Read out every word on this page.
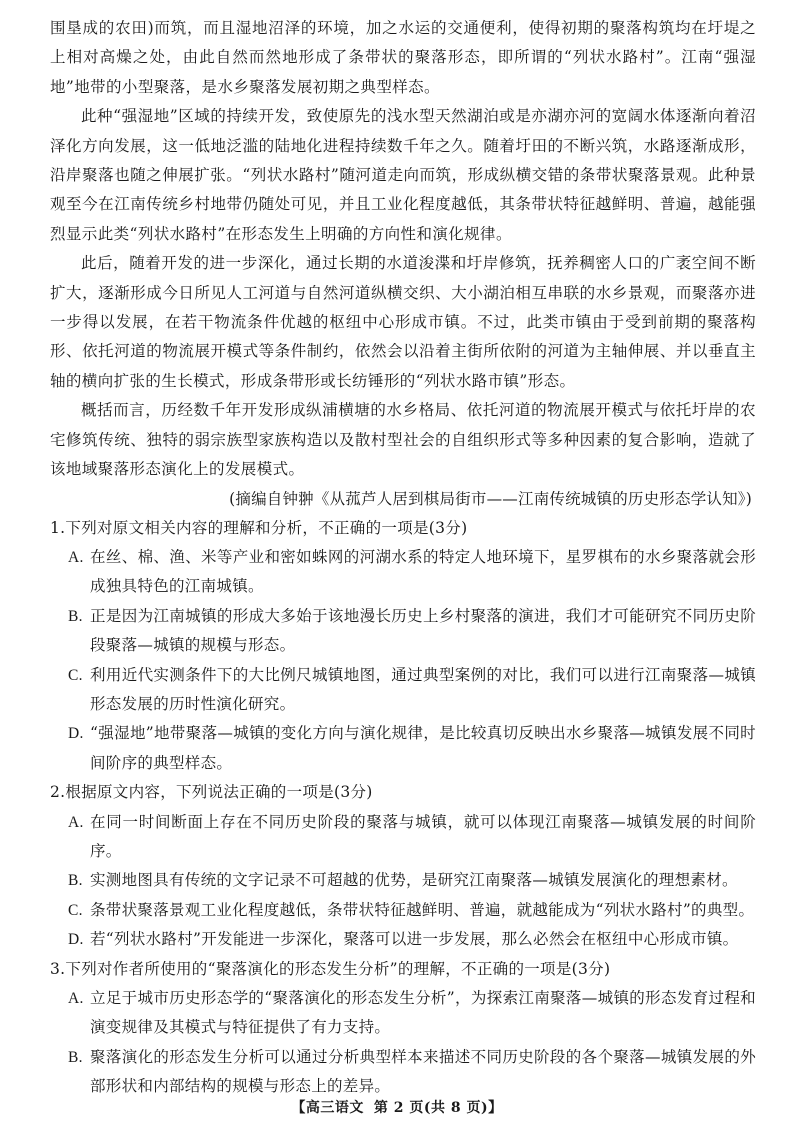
围垦成的农田)而筑，而且湿地沼泽的环境，加之水运的交通便利，使得初期的聚落构筑均在圩堤之上相对高燥之处，由此自然而然地形成了条带状的聚落形态，即所谓的“列状水路村”。江南“强湿地”地带的小型聚落，是水乡聚落发展初期之典型样态。

此种“强湿地”区域的持续开发，致使原先的浅水型天然湖泊或是亦湖亦河的宽阔水体逐渐向着沼泽化方向发展，这一低地泛滥的陆地化进程持续数千年之久。随着圩田的不断兴筑，水路逐渐成形，沿岸聚落也随之伸展扩张。“列状水路村”随河道走向而筑，形成纵横交错的条带状聚落景观。此种景观至今在江南传统乡村地带仍随处可见，并且工业化程度越低，其条带状特征越鲜明、普遍，越能强烈显示此类“列状水路村”在形态发生上明确的方向性和演化规律。

此后，随着开发的进一步深化，通过长期的水道浚渫和圩岸修筑，抚养稠密人口的广袤空间不断扩大，逐渐形成今日所见人工河道与自然河道纵横交织、大小湖泊相互串联的水乡景观，而聚落亦进一步得以发展，在若干物流条件优越的枢纽中心形成市镇。不过，此类市镇由于受到前期的聚落构形、依托河道的物流展开模式等条件制约，依然会以沿着主街所依附的河道为主轴伸展、并以垂直主轴的横向扩张的生长模式，形成条带形或长纺锤形的“列状水路市镇”形态。

概括而言，历经数千年开发形成纵浦横塘的水乡格局、依托河道的物流展开模式与依托圩岸的农宅修筑传统、独特的弱宗族型家族构造以及散村型社会的自组织形式等多种因素的复合影响，造就了该地域聚落形态演化上的发展模式。

(摘编自钟翀《从菰芦人居到棋局街市——江南传统城镇的历史形态学认知》)

1.下列对原文相关内容的理解和分析，不正确的一项是(3分)

A. 在丝、棉、渔、米等产业和密如蛛网的河湖水系的特定人地环境下，星罗棋布的水乡聚落就会形成独具特色的江南城镇。
B. 正是因为江南城镇的形成大多始于该地漫长历史上乡村聚落的演进，我们才可能研究不同历史阶段聚落—城镇的规模与形态。
C. 利用近代实测条件下的大比例尺城镇地图，通过典型案例的对比，我们可以进行江南聚落—城镇形态发展的历时性演化研究。
D. “强湿地”地带聚落—城镇的变化方向与演化规律，是比较真切反映出水乡聚落—城镇发展不同时间阶序的典型样态。

2.根据原文内容，下列说法正确的一项是(3分)

A. 在同一时间断面上存在不同历史阶段的聚落与城镇，就可以体现江南聚落—城镇发展的时间阶序。
B. 实测地图具有传统的文字记录不可超越的优势，是研究江南聚落—城镇发展演化的理想素材。
C. 条带状聚落景观工业化程度越低，条带状特征越鲜明、普遍，就越能成为“列状水路村”的典型。
D. 若“列状水路村”开发能进一步深化，聚落可以进一步发展，那么必然会在枢纽中心形成市镇。

3.下列对作者所使用的“聚落演化的形态发生分析”的理解，不正确的一项是(3分)

A. 立足于城市历史形态学的“聚落演化的形态发生分析”，为探索江南聚落—城镇的形态发育过程和演变规律及其模式与特征提供了有力支持。
B. 聚落演化的形态发生分析可以通过分析典型样本来描述不同历史阶段的各个聚落—城镇发展的外部形状和内部结构的规模与形态上的差异。
【高三语文 第 2 页(共 8 页)】
